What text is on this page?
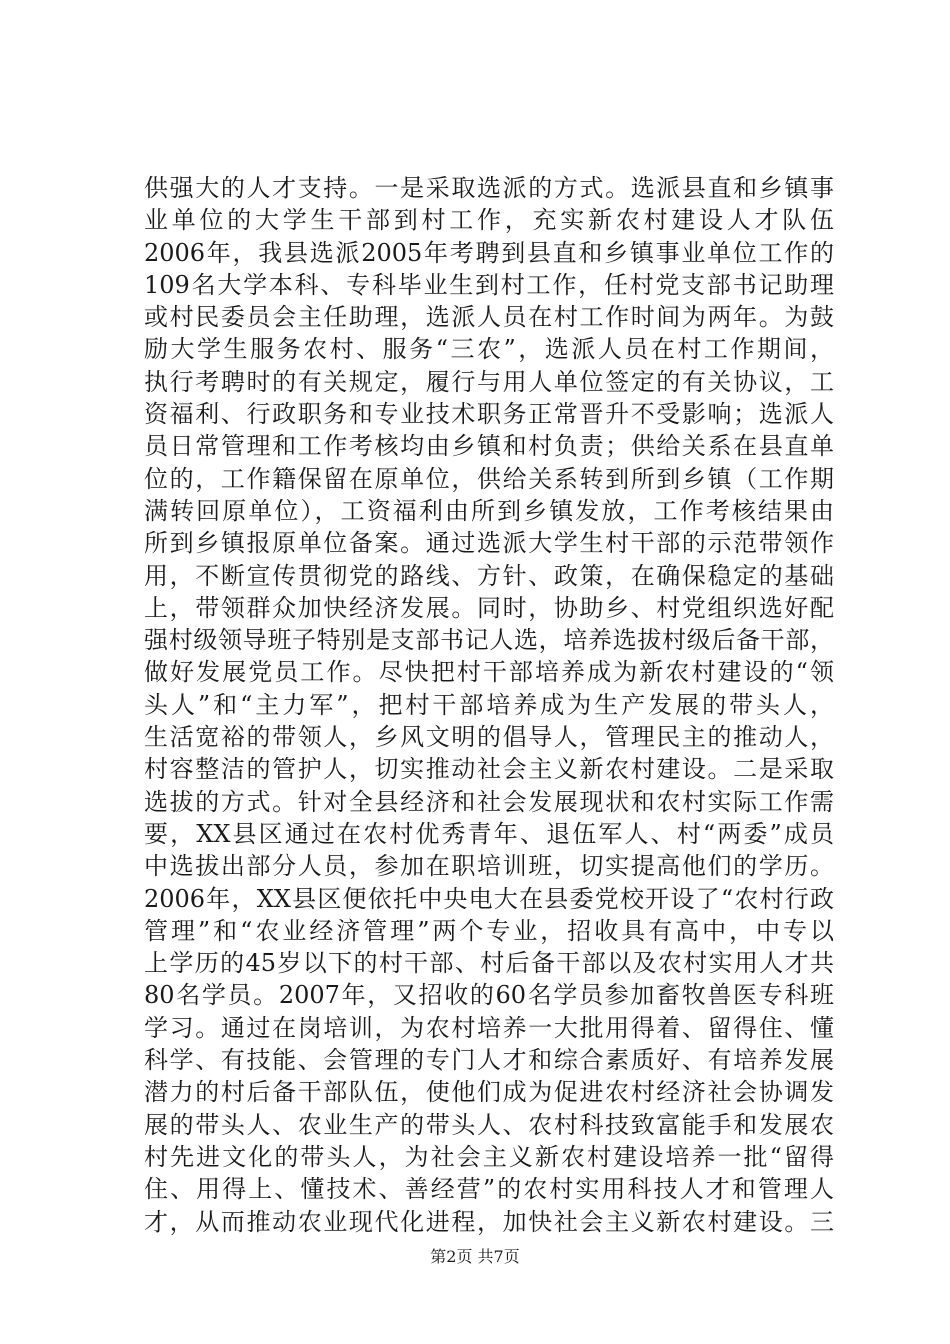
供强大的人才支持。一是采取选派的方式。选派县直和乡镇事
业单位的大学生干部到村工作，充实新农村建设人才队伍
2006年，我县选派2005年考聘到县直和乡镇事业单位工作的
109名大学本科、专科毕业生到村工作，任村党支部书记助理
或村民委员会主任助理，选派人员在村工作时间为两年。为鼓
励大学生服务农村、服务“三农”，选派人员在村工作期间，
执行考聘时的有关规定，履行与用人单位签定的有关协议，工
资福利、行政职务和专业技术职务正常晋升不受影响；选派人
员日常管理和工作考核均由乡镇和村负责；供给关系在县直单
位的，工作籍保留在原单位，供给关系转到所到乡镇（工作期
满转回原单位），工资福利由所到乡镇发放，工作考核结果由
所到乡镇报原单位备案。通过选派大学生村干部的示范带领作
用，不断宣传贯彻党的路线、方针、政策，在确保稳定的基础
上，带领群众加快经济发展。同时，协助乡、村党组织选好配
强村级领导班子特别是支部书记人选，培养选拔村级后备干部，
做好发展党员工作。尽快把村干部培养成为新农村建设的“领
头人”和“主力军”，把村干部培养成为生产发展的带头人，
生活宽裕的带领人，乡风文明的倡导人，管理民主的推动人，
村容整洁的管护人，切实推动社会主义新农村建设。二是采取
选拔的方式。针对全县经济和社会发展现状和农村实际工作需
要，XX县区通过在农村优秀青年、退伍军人、村“两委”成员
中选拔出部分人员，参加在职培训班，切实提高他们的学历。
2006年，XX县区便依托中央电大在县委党校开设了“农村行政
管理”和“农业经济管理”两个专业，招收具有高中，中专以
上学历的45岁以下的村干部、村后备干部以及农村实用人才共
80名学员。2007年，又招收的60名学员参加畜牧兽医专科班
学习。通过在岗培训，为农村培养一大批用得着、留得住、懂
科学、有技能、会管理的专门人才和综合素质好、有培养发展
潜力的村后备干部队伍，使他们成为促进农村经济社会协调发
展的带头人、农业生产的带头人、农村科技致富能手和发展农
村先进文化的带头人，为社会主义新农村建设培养一批“留得
住、用得上、懂技术、善经营”的农村实用科技人才和管理人
才，从而推动农业现代化进程，加快社会主义新农村建设。三
第2页 共7页
